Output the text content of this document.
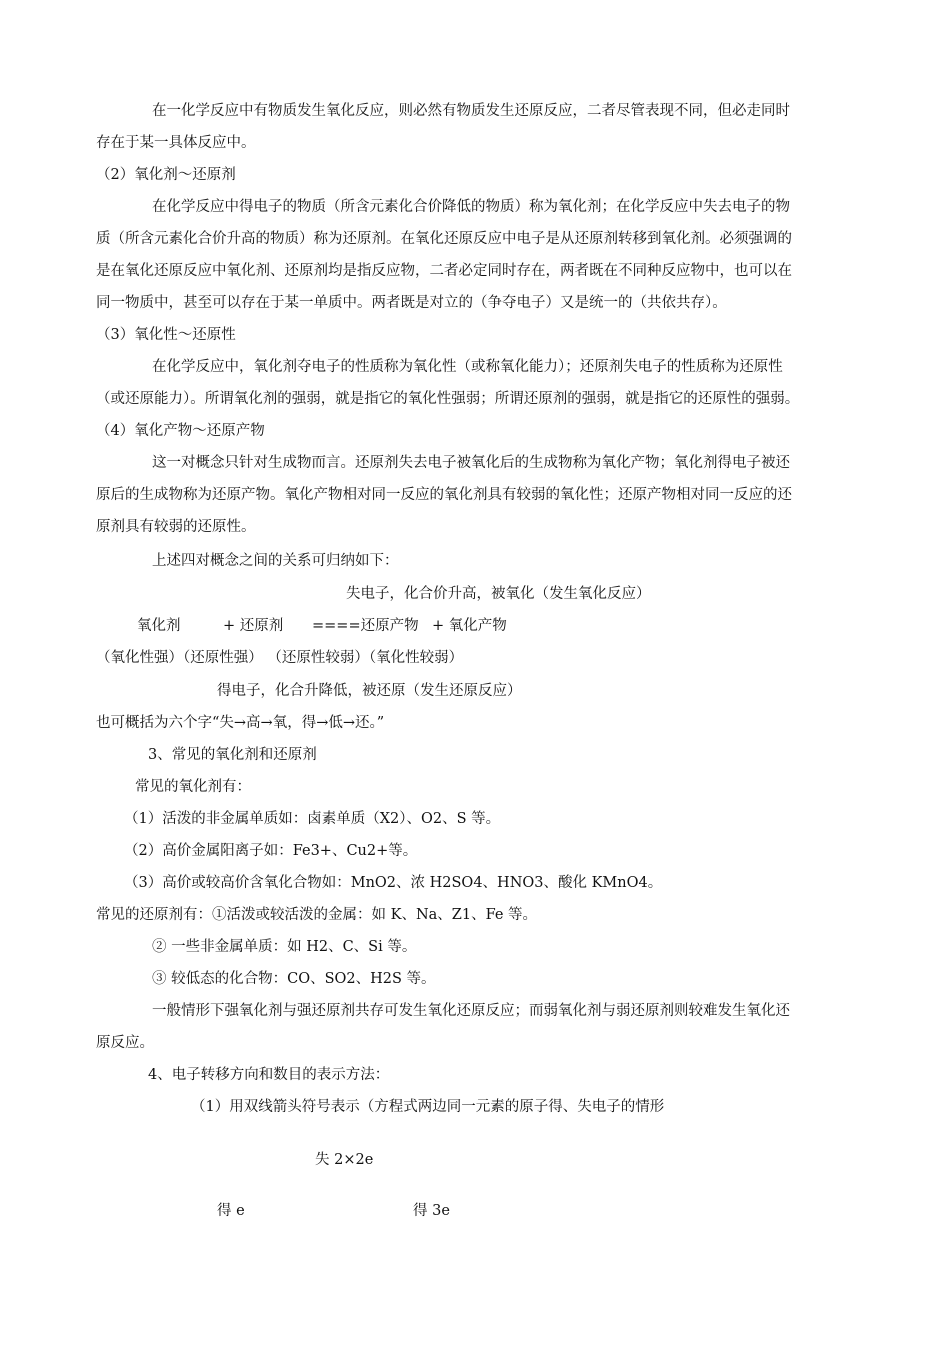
在一化学反应中有物质发生氧化反应，则必然有物质发生还原反应，二者尽管表现不同，但必走同时
存在于某一具体反应中。
（2）氧化剂～还原剂
在化学反应中得电子的物质（所含元素化合价降低的物质）称为氧化剂；在化学反应中失去电子的物
质（所含元素化合价升高的物质）称为还原剂。在氧化还原反应中电子是从还原剂转移到氧化剂。必须强调的
是在氧化还原反应中氧化剂、还原剂均是指反应物，二者必定同时存在，两者既在不同种反应物中，也可以在
同一物质中，甚至可以存在于某一单质中。两者既是对立的（争夺电子）又是统一的（共依共存）。
（3）氧化性～还原性
在化学反应中，氧化剂夺电子的性质称为氧化性（或称氧化能力）；还原剂失电子的性质称为还原性
（或还原能力）。所谓氧化剂的强弱，就是指它的氧化性强弱；所谓还原剂的强弱，就是指它的还原性的强弱。
（4）氧化产物～还原产物
这一对概念只针对生成物而言。还原剂失去电子被氧化后的生成物称为氧化产物；氧化剂得电子被还
原后的生成物称为还原产物。氧化产物相对同一反应的氧化剂具有较弱的氧化性；还原产物相对同一反应的还
原剂具有较弱的还原性。
上述四对概念之间的关系可归纳如下：
失电子，化合价升高，被氧化（发生氧化反应）
氧化剂	+ 还原剂 ====还原产物 + 氧化产物
（氧化性强）（还原性强） （还原性较弱）（氧化性较弱）
得电子，化合升降低，被还原（发生还原反应）
也可概括为六个字“失→高→氧，得→低→还。”
3、常见的氧化剂和还原剂
常见的氧化剂有：
（1）活泼的非金属单质如：卤素单质（X2）、O2、S 等。
（2）高价金属阳离子如：Fe3+、Cu2+等。
（3）高价或较高价含氧化合物如：MnO2、浓 H2SO4、HNO3、酸化 KMnO4。
常见的还原剂有：①活泼或较活泼的金属：如 K、Na、Z1、Fe 等。
② 一些非金属单质：如 H2、C、Si 等。
③ 较低态的化合物：CO、SO2、H2S 等。
一般情形下强氧化剂与强还原剂共存可发生氧化还原反应；而弱氧化剂与弱还原剂则较难发生氧化还
原反应。
4、电子转移方向和数目的表示方法：
（1）用双线箭头符号表示（方程式两边同一元素的原子得、失电子的情形
失 2×2e
得 e	得 3e
